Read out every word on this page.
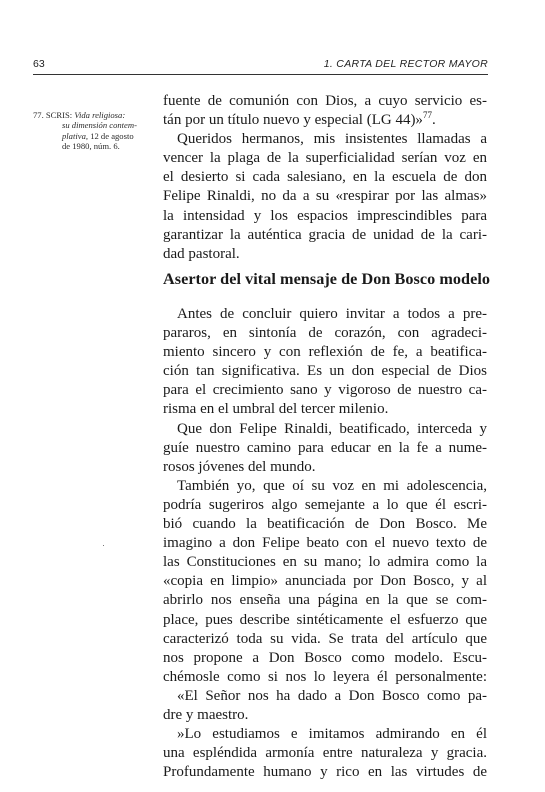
63	1. CARTA DEL RECTOR MAYOR
77. SCRIS: Vida religiosa:
su dimensión contem-
plativa, 12 de agosto
de 1980, núm. 6.
fuente de comunión con Dios, a cuyo servicio es-
tán por un título nuevo y especial (LG 44)»$^{77}$.
Queridos hermanos, mis insistentes llamadas a
vencer la plaga de la superficialidad serían voz en
el desierto si cada salesiano, en la escuela de don
Felipe Rinaldi, no da a su «respirar por las almas»
la intensidad y los espacios imprescindibles para
garantizar la auténtica gracia de unidad de la cari-
dad pastoral.
Asertor del vital mensaje de Don Bosco modelo
Antes de concluir quiero invitar a todos a pre-
pararos, en sintonía de corazón, con agradeci-
miento sincero y con reflexión de fe, a beatifica-
ción tan significativa. Es un don especial de Dios
para el crecimiento sano y vigoroso de nuestro ca-
risma en el umbral del tercer milenio.
Que don Felipe Rinaldi, beatificado, interceda y
guíe nuestro camino para educar en la fe a nume-
rosos jóvenes del mundo.
También yo, que oí su voz en mi adolescencia,
podría sugeriros algo semejante a lo que él escri-
bió cuando la beatificación de Don Bosco. Me
imagino a don Felipe beato con el nuevo texto de
las Constituciones en su mano; lo admira como la
«copia en limpio» anunciada por Don Bosco, y al
abrirlo nos enseña una página en la que se com-
place, pues describe sintéticamente el esfuerzo que
caracterizó toda su vida. Se trata del artículo que
nos propone a Don Bosco como modelo. Escu-
chémosle como si nos lo leyera él personalmente:
«El Señor nos ha dado a Don Bosco como pa-
dre y maestro.
»Lo estudiamos e imitamos admirando en él
una espléndida armonía entre naturaleza y gracia.
Profundamente humano y rico en las virtudes de
